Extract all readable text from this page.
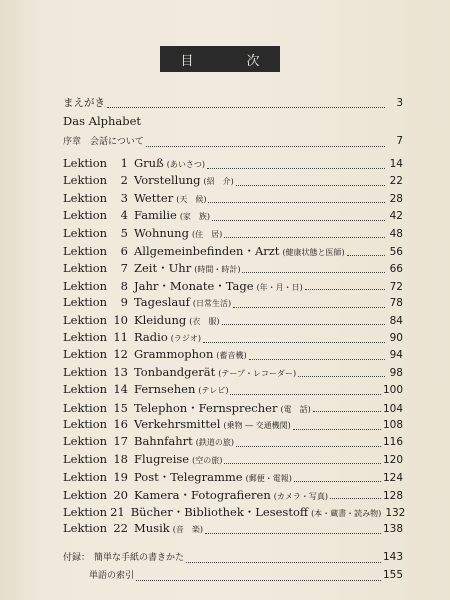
目　次
まえがき	3
Das Alphabet
序章　会話について	7
Lektion	1 Gruß (あいさつ)	14
Lektion	2 Vorstellung (紹　介)	22
Lektion	3 Wetter (天　候)	28
Lektion	4 Familie (家　族)	42
Lektion	5 Wohnung (住　居)	48
Lektion	6 Allgemeinbefinden・Arzt (健康状態と医師)	56
Lektion	7 Zeit・Uhr (時間・時計)	66
Lektion	8 Jahr・Monate・Tage (年・月・日)	72
Lektion	9 Tageslauf (日常生活)	78
Lektion 10 Kleidung (衣　服)	84
Lektion 11 Radio (ラジオ)	90
Lektion 12 Grammophon (蓄音機)	94
Lektion 13 Tonbandgerät (テープ・レコーダー)	98
Lektion 14 Fernsehen (テレビ)	100
Lektion 15 Telephon・Fernsprecher (電　話)	104
Lektion 16 Verkehrsmittel (乗物 ― 交通機関)	108
Lektion 17 Bahnfahrt (鉄道の旅)	116
Lektion 18 Flugreise (空の旅)	120
Lektion 19 Post・Telegramme (郵便・電報)	124
Lektion 20 Kamera・Fotografieren (カメラ・写真)	128
Lektion 21 Bücher・Bibliothek・Lesestoff (本・蔵書・読み物) 132
Lektion 22 Musik (音　楽)	138
付録： 簡単な手紙の書きかた	143
単語の索引	155
